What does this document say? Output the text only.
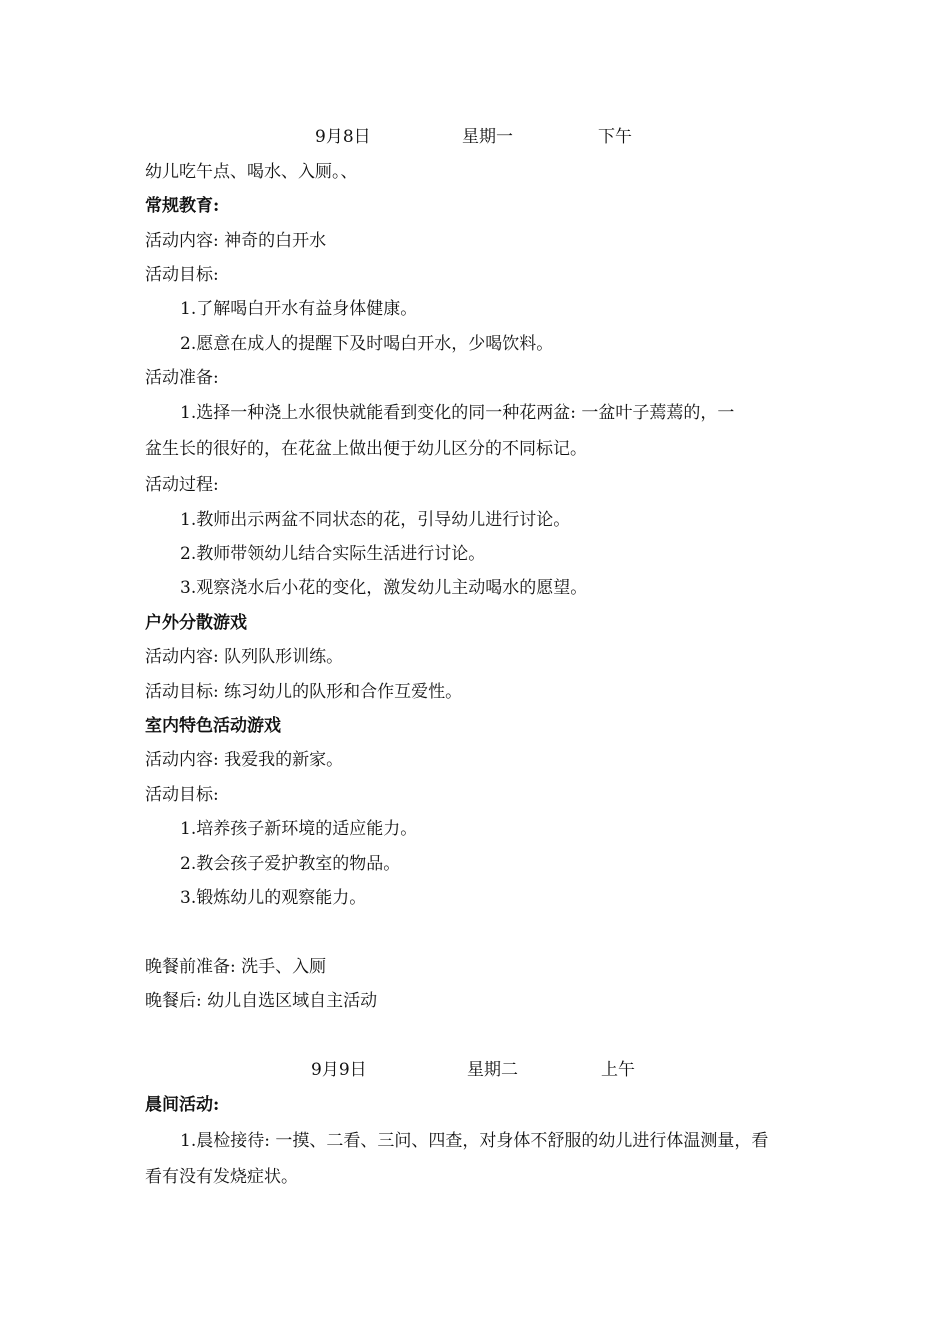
9月8日	星期一	下午
幼儿吃午点、喝水、入厕。、
常规教育:
活动内容: 神奇的白开水
活动目标:
1.了解喝白开水有益身体健康。
2.愿意在成人的提醒下及时喝白开水，少喝饮料。
活动准备:
1.选择一种浇上水很快就能看到变化的同一种花两盆: 一盆叶子蔫蔫的，一
盆生长的很好的，在花盆上做出便于幼儿区分的不同标记。
活动过程:
1.教师出示两盆不同状态的花，引导幼儿进行讨论。
2.教师带领幼儿结合实际生活进行讨论。
3.观察浇水后小花的变化，激发幼儿主动喝水的愿望。
户外分散游戏
活动内容: 队列队形训练。
活动目标: 练习幼儿的队形和合作互爱性。
室内特色活动游戏
活动内容: 我爱我的新家。
活动目标:
1.培养孩子新环境的适应能力。
2.教会孩子爱护教室的物品。
3.锻炼幼儿的观察能力。
晚餐前准备: 洗手、入厕
晚餐后: 幼儿自选区域自主活动
9月9日	星期二	上午
晨间活动:
1.晨检接待: 一摸、二看、三问、四查，对身体不舒服的幼儿进行体温测量，看
看有没有发烧症状。
